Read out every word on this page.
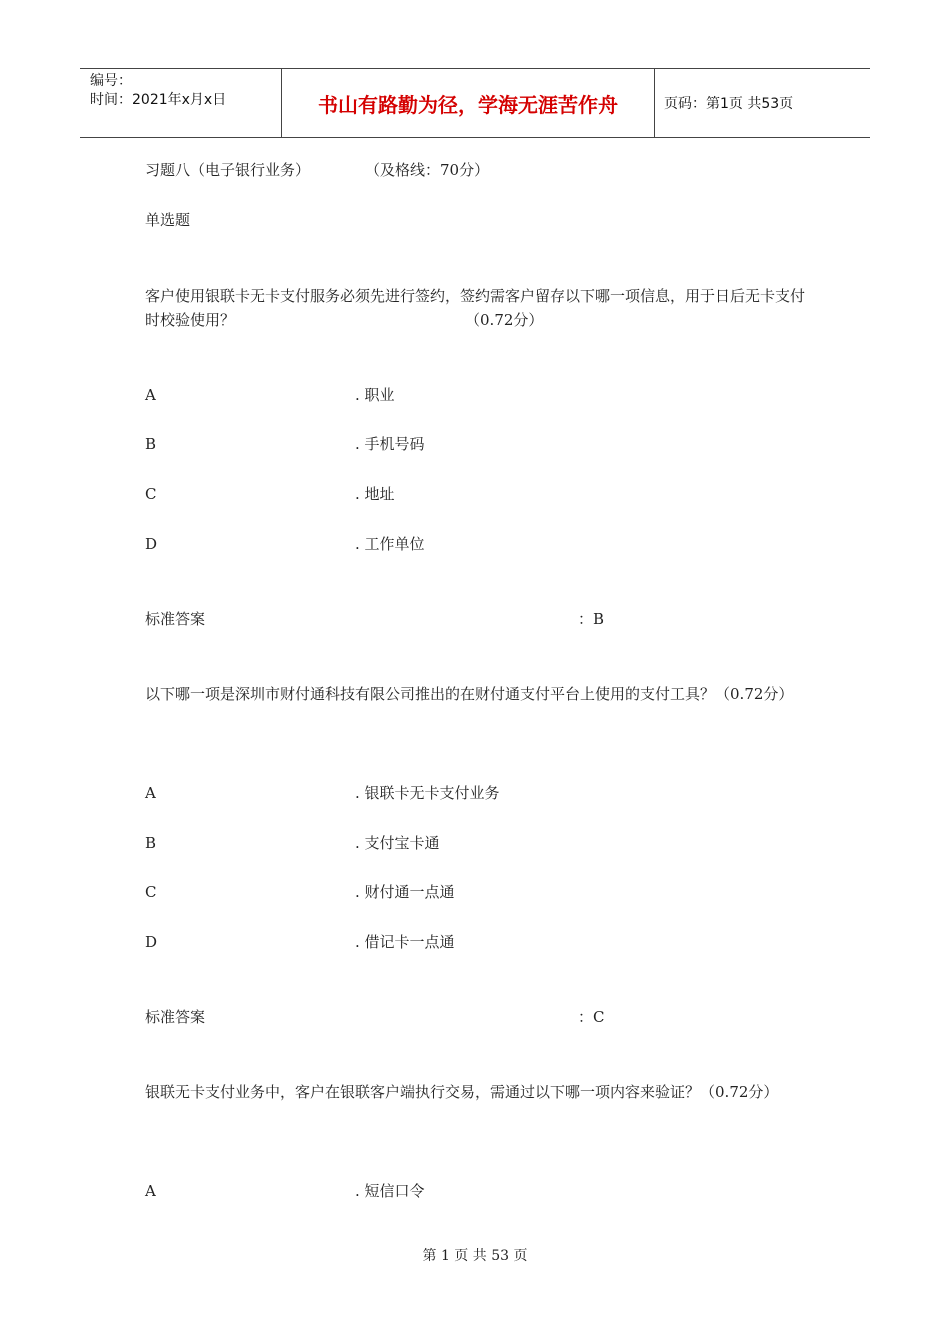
编号：
时间：2021年x月x日	书山有路勤为径，学海无涯苦作舟	页码：第1页 共53页
习题八（电子银行业务）	（及格线：70分）
单选题
客户使用银联卡无卡支付服务必须先进行签约，签约需客户留存以下哪一项信息，用于日后无卡支付时校验使用？	（0.72分）
A	. 职业
B	. 手机号码
C	. 地址
D	. 工作单位
标准答案	：B
以下哪一项是深圳市财付通科技有限公司推出的在财付通支付平台上使用的支付工具？（0.72分）
A	. 银联卡无卡支付业务
B	. 支付宝卡通
C	. 财付通一点通
D	. 借记卡一点通
标准答案	：C
银联无卡支付业务中，客户在银联客户端执行交易，需通过以下哪一项内容来验证？（0.72分）
A	. 短信口令
第 1 页 共 53 页
